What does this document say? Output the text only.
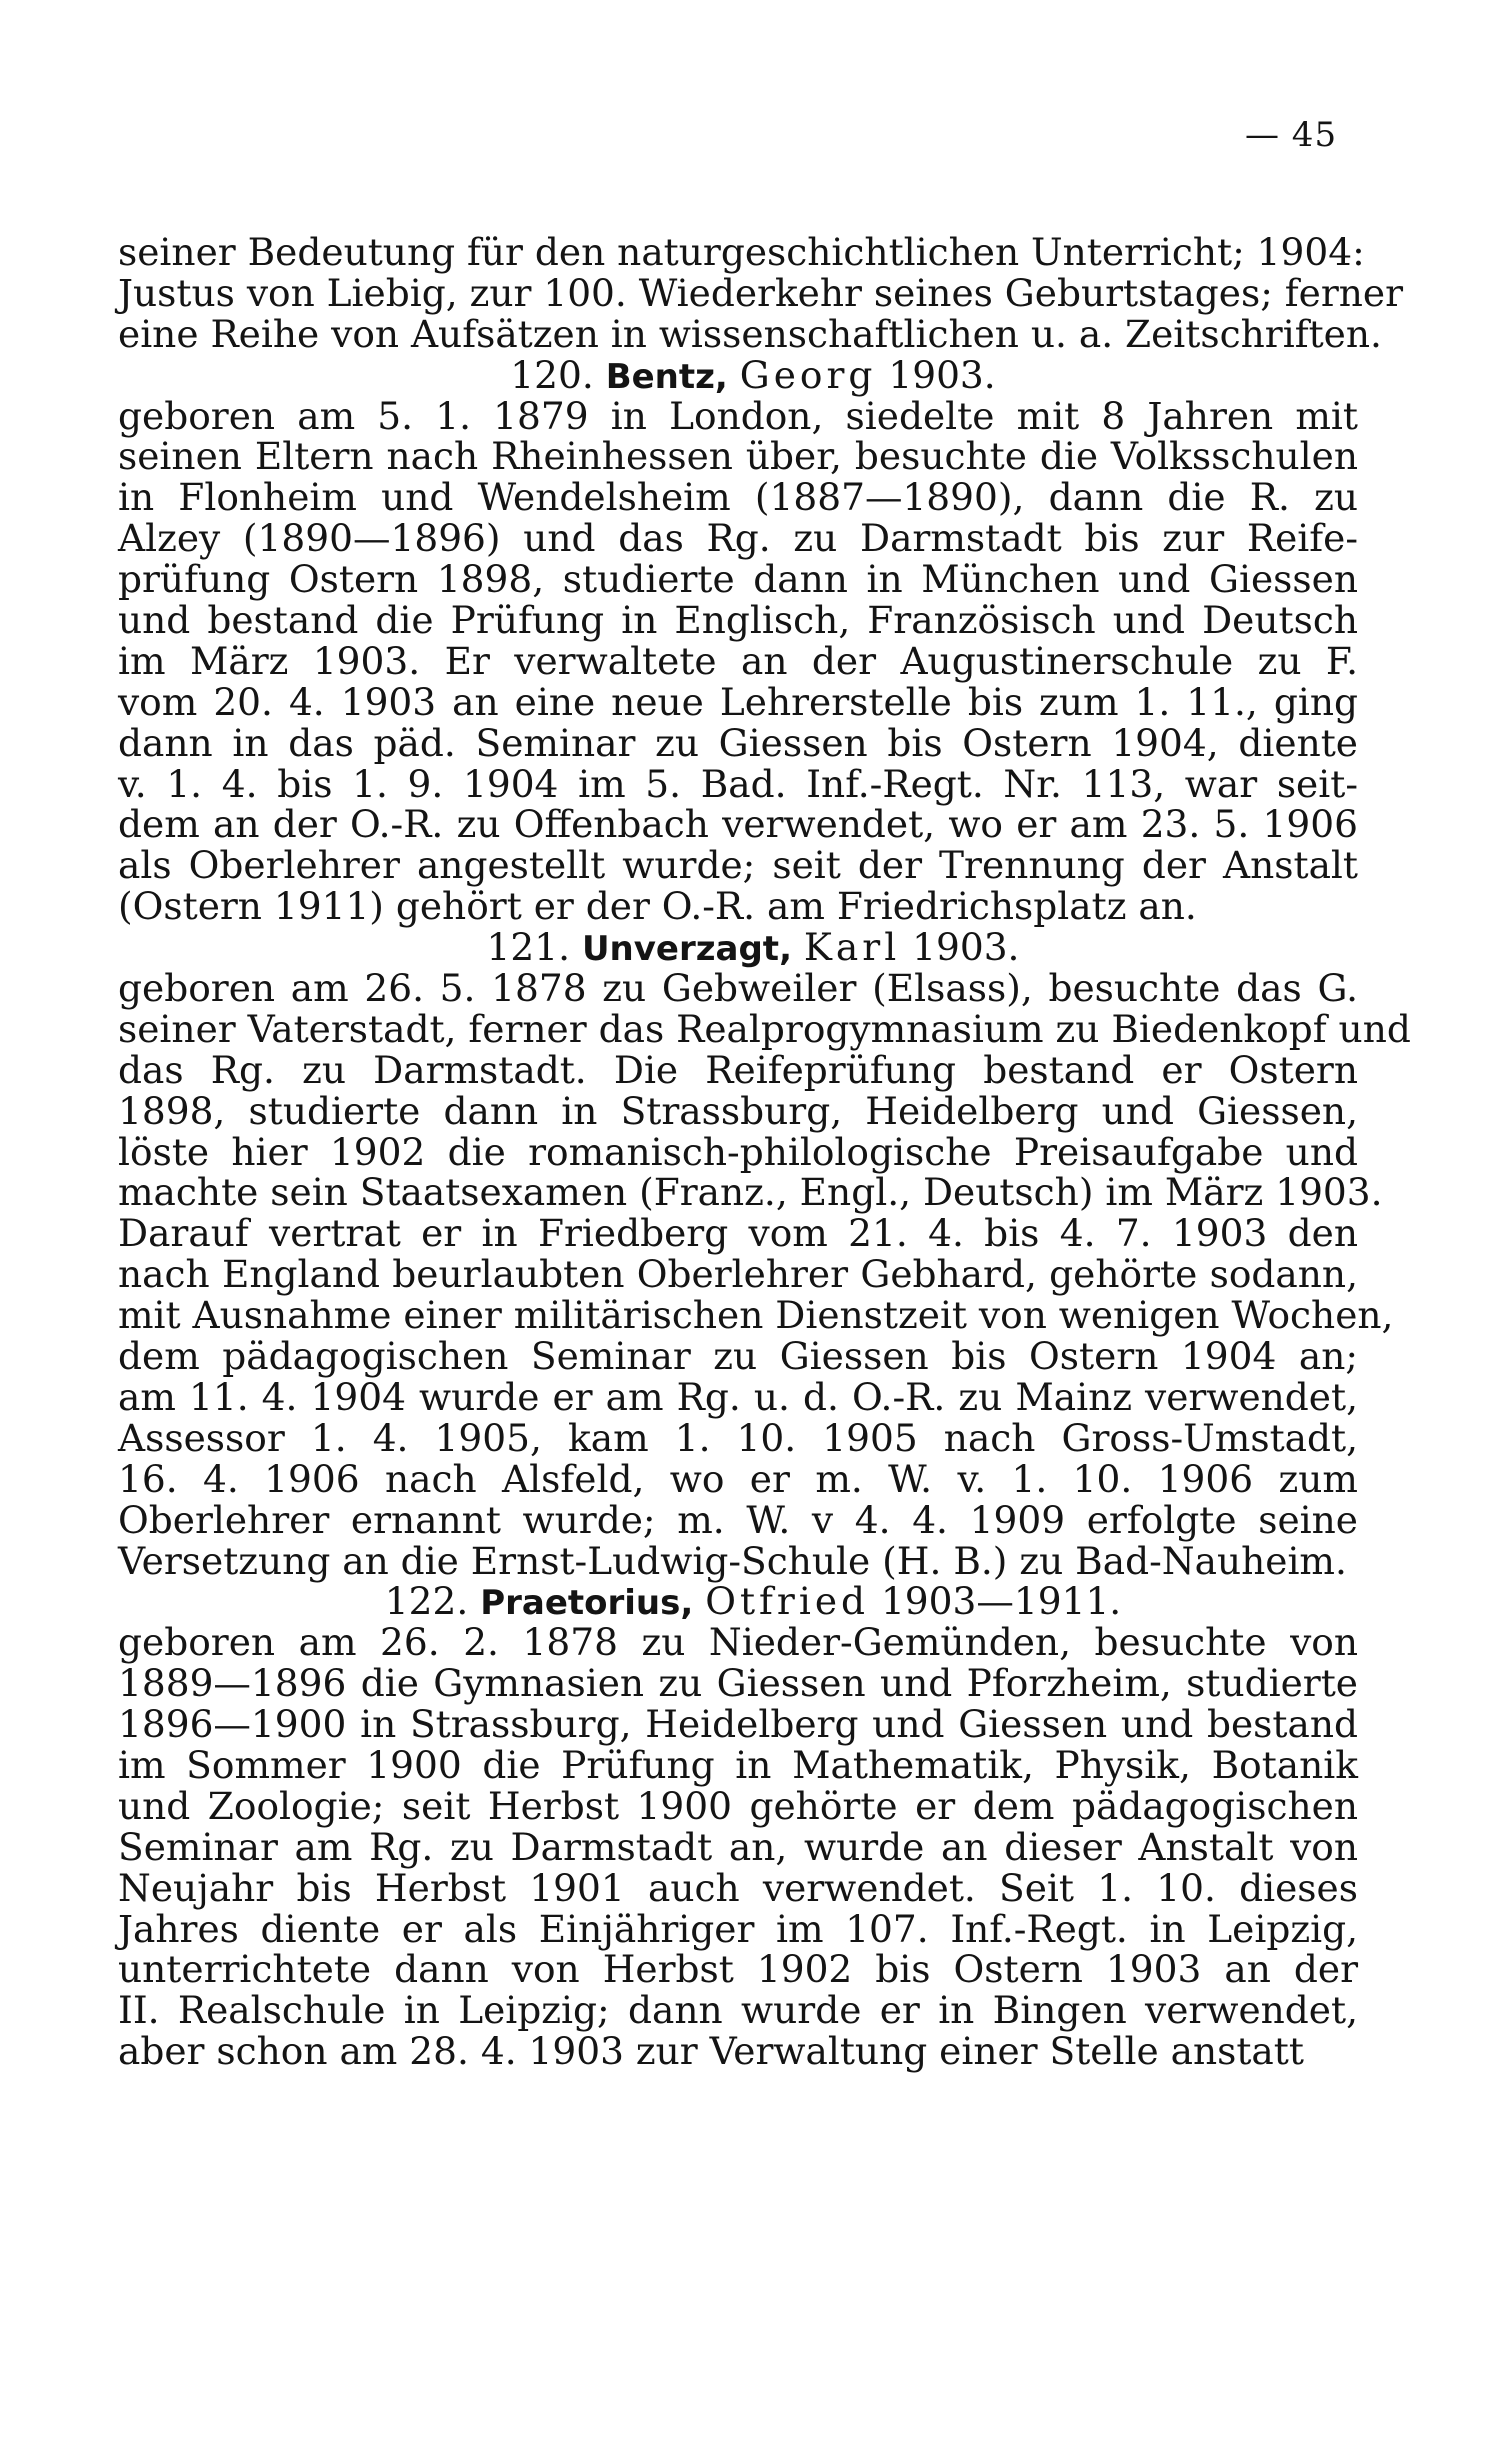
— 45
seiner Bedeutung für den naturgeschichtlichen Unterricht; 1904:
Justus von Liebig, zur 100. Wiederkehr seines Geburtstages; ferner
eine Reihe von Aufsätzen in wissenschaftlichen u. a. Zeitschriften.
120. Bentz, Georg 1903.
geboren am 5. 1. 1879 in London, siedelte mit 8 Jahren mit
seinen Eltern nach Rheinhessen über, besuchte die Volksschulen
in Flonheim und Wendelsheim (1887—1890), dann die R. zu
Alzey (1890—1896) und das Rg. zu Darmstadt bis zur Reife-
prüfung Ostern 1898, studierte dann in München und Giessen
und bestand die Prüfung in Englisch, Französisch und Deutsch
im März 1903. Er verwaltete an der Augustinerschule zu F.
vom 20. 4. 1903 an eine neue Lehrerstelle bis zum 1. 11., ging
dann in das päd. Seminar zu Giessen bis Ostern 1904, diente
v. 1. 4. bis 1. 9. 1904 im 5. Bad. Inf.-Regt. Nr. 113, war seit-
dem an der O.-R. zu Offenbach verwendet, wo er am 23. 5. 1906
als Oberlehrer angestellt wurde; seit der Trennung der Anstalt
(Ostern 1911) gehört er der O.-R. am Friedrichsplatz an.
121. Unverzagt, Karl 1903.
geboren am 26. 5. 1878 zu Gebweiler (Elsass), besuchte das G.
seiner Vaterstadt, ferner das Realprogymnasium zu Biedenkopf und
das Rg. zu Darmstadt. Die Reifeprüfung bestand er Ostern
1898, studierte dann in Strassburg, Heidelberg und Giessen,
löste hier 1902 die romanisch-philologische Preisaufgabe und
machte sein Staatsexamen (Franz., Engl., Deutsch) im März 1903.
Darauf vertrat er in Friedberg vom 21. 4. bis 4. 7. 1903 den
nach England beurlaubten Oberlehrer Gebhard, gehörte sodann,
mit Ausnahme einer militärischen Dienstzeit von wenigen Wochen,
dem pädagogischen Seminar zu Giessen bis Ostern 1904 an;
am 11. 4. 1904 wurde er am Rg. u. d. O.-R. zu Mainz verwendet,
Assessor 1. 4. 1905, kam 1. 10. 1905 nach Gross-Umstadt,
16. 4. 1906 nach Alsfeld, wo er m. W. v. 1. 10. 1906 zum
Oberlehrer ernannt wurde; m. W. v 4. 4. 1909 erfolgte seine
Versetzung an die Ernst-Ludwig-Schule (H. B.) zu Bad-Nauheim.
122. Praetorius, Otfried 1903—1911.
geboren am 26. 2. 1878 zu Nieder-Gemünden, besuchte von
1889—1896 die Gymnasien zu Giessen und Pforzheim, studierte
1896—1900 in Strassburg, Heidelberg und Giessen und bestand
im Sommer 1900 die Prüfung in Mathematik, Physik, Botanik
und Zoologie; seit Herbst 1900 gehörte er dem pädagogischen
Seminar am Rg. zu Darmstadt an, wurde an dieser Anstalt von
Neujahr bis Herbst 1901 auch verwendet. Seit 1. 10. dieses
Jahres diente er als Einjähriger im 107. Inf.-Regt. in Leipzig,
unterrichtete dann von Herbst 1902 bis Ostern 1903 an der
II. Realschule in Leipzig; dann wurde er in Bingen verwendet,
aber schon am 28. 4. 1903 zur Verwaltung einer Stelle anstatt
